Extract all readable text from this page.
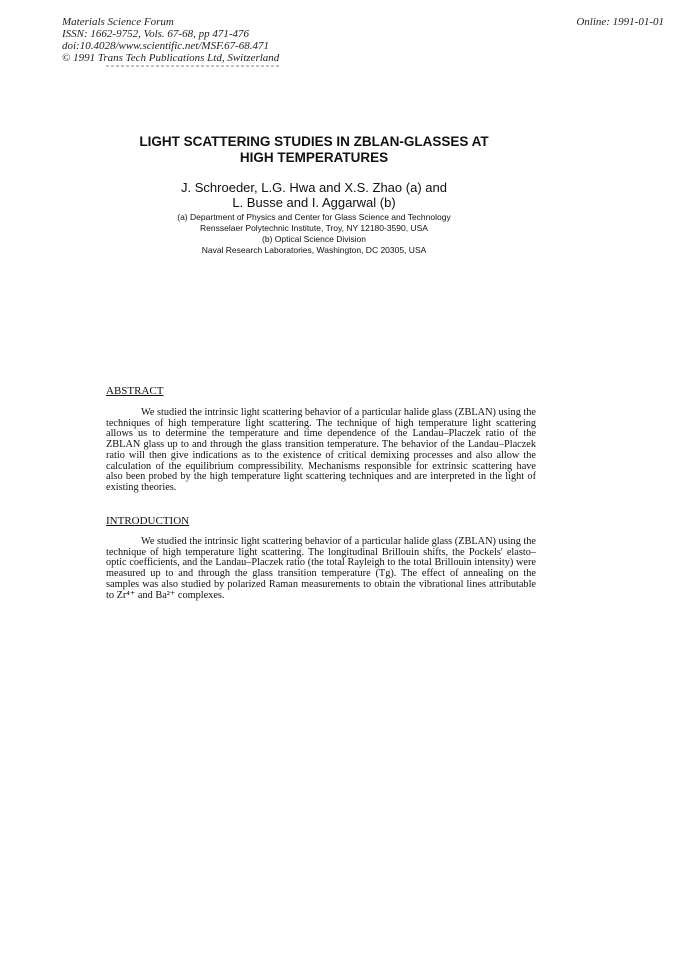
Materials Science Forum
ISSN: 1662-9752, Vols. 67-68, pp 471-476
doi:10.4028/www.scientific.net/MSF.67-68.471
© 1991 Trans Tech Publications Ltd, Switzerland
Online: 1991-01-01
LIGHT SCATTERING STUDIES IN ZBLAN-GLASSES AT
HIGH TEMPERATURES
J. Schroeder, L.G. Hwa and X.S. Zhao (a) and
L. Busse and I. Aggarwal (b)
(a) Department of Physics and Center for Glass Science and Technology
Rensselaer Polytechnic Institute, Troy, NY 12180-3590, USA
(b) Optical Science Division
Naval Research Laboratories, Washington, DC 20305, USA
ABSTRACT

We studied the intrinsic light scattering behavior of a particular halide glass (ZBLAN) using the techniques of high temperature light scattering. The technique of high temperature light scattering allows us to determine the temperature and time dependence of the Landau–Placzek ratio of the ZBLAN glass up to and through the glass transition temperature. The behavior of the Landau–Placzek ratio will then give indications as to the existence of critical demixing processes and also allow the calculation of the equilibrium compressibility. Mechanisms responsible for extrinsic scattering have also been probed by the high temperature light scattering techniques and are interpreted in the light of existing theories.

INTRODUCTION

We studied the intrinsic light scattering behavior of a particular halide glass (ZBLAN) using the technique of high temperature light scattering. The longitudinal Brillouin shifts, the Pockels' elasto–optic coefficients, and the Landau–Placzek ratio (the total Rayleigh to the total Brillouin intensity) were measured up to and through the glass transition temperature (Tg). The effect of annealing on the samples was also studied by polarized Raman measurements to obtain the vibrational lines attributable to Zr⁴⁺ and Ba²⁺ complexes.
